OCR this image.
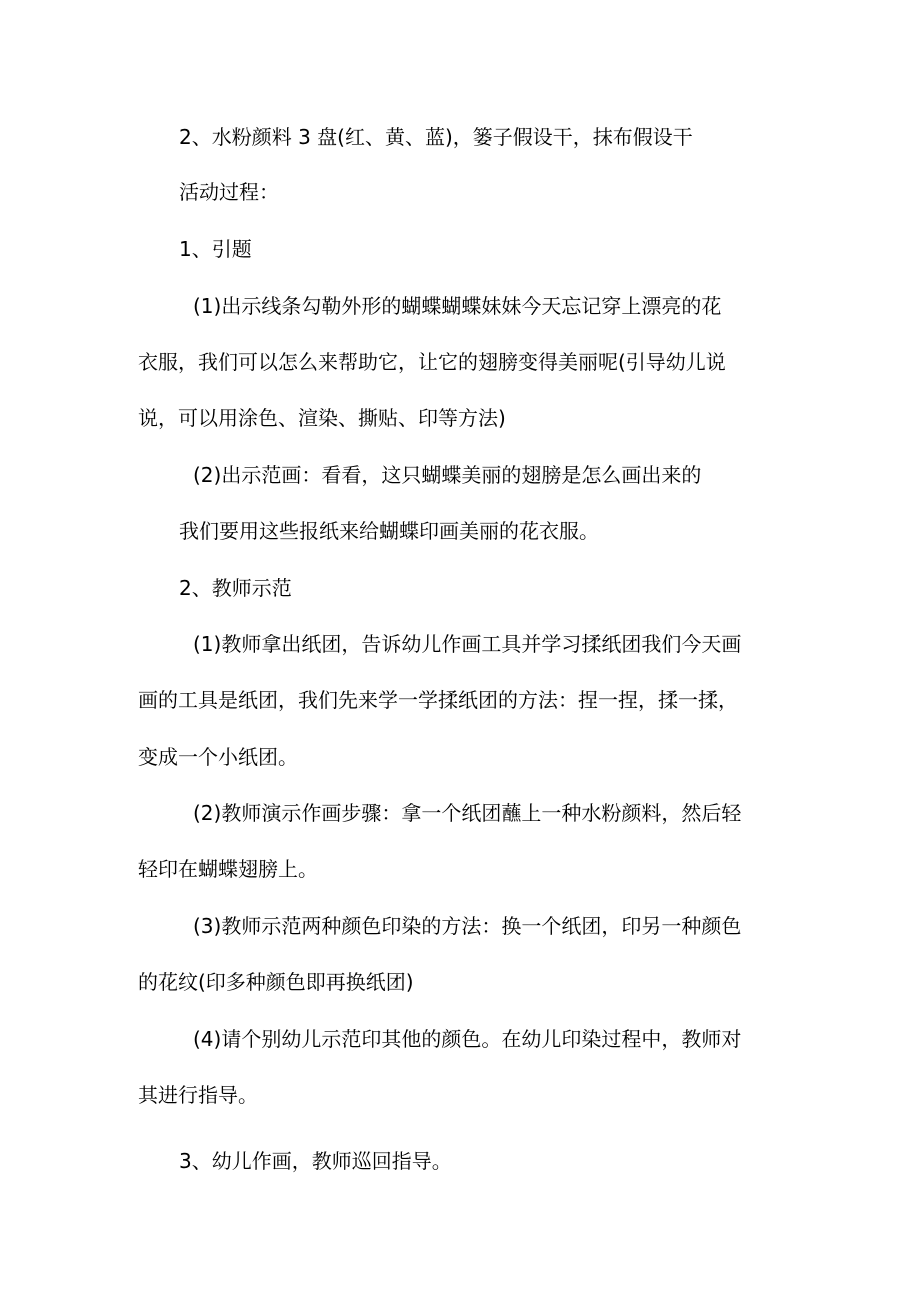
2、水粉颜料 3 盘(红、黄、蓝)，篓子假设干，抹布假设干
活动过程：
1、引题
(1)出示线条勾勒外形的蝴蝶蝴蝶妹妹今天忘记穿上漂亮的花
衣服，我们可以怎么来帮助它，让它的翅膀变得美丽呢(引导幼儿说
说，可以用涂色、渲染、撕贴、印等方法)
(2)出示范画：看看，这只蝴蝶美丽的翅膀是怎么画出来的
我们要用这些报纸来给蝴蝶印画美丽的花衣服。
2、教师示范
(1)教师拿出纸团，告诉幼儿作画工具并学习揉纸团我们今天画
画的工具是纸团，我们先来学一学揉纸团的方法：捏一捏，揉一揉，
变成一个小纸团。
(2)教师演示作画步骤：拿一个纸团蘸上一种水粉颜料，然后轻
轻印在蝴蝶翅膀上。
(3)教师示范两种颜色印染的方法：换一个纸团，印另一种颜色
的花纹(印多种颜色即再换纸团)
(4)请个别幼儿示范印其他的颜色。在幼儿印染过程中，教师对
其进行指导。
3、幼儿作画，教师巡回指导。
